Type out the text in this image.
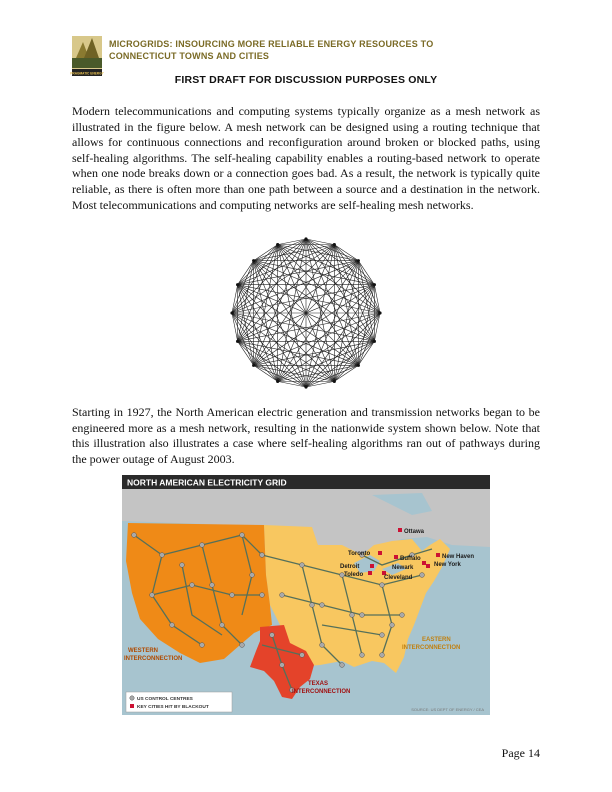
PRAGMATIC ENERGY
MICROGRIDS: INSOURCING MORE RELIABLE ENERGY RESOURCES TO
CONNECTICUT TOWNS AND CITIES
FIRST DRAFT FOR DISCUSSION PURPOSES ONLY

Modern telecommunications and computing systems typically organize as a mesh network as illustrated in the figure below. A mesh network can be designed using a routing technique that allows for continuous connections and reconfiguration around broken or blocked paths, using self-healing algorithms. The self-healing capability enables a routing-based network to operate when one node breaks down or a connection goes bad. As a result, the network is typically quite reliable, as there is often more than one path between a source and a destination in the network. Most telecommunications and computing networks are self-healing mesh networks.

Starting in 1927, the North American electric generation and transmission networks began to be engineered more as a mesh network, resulting in the nationwide system shown below. Note that this illustration also illustrates a case where self-healing algorithms ran out of pathways during the power outage of August 2003.

NORTH AMERICAN ELECTRICITY GRID
Ottawa
Toronto
Buffalo	New Haven
Detroit	Newark	New York
Toledo	Cleveland
WESTERN
INTERCONNECTION
TEXAS
INTERCONNECTION
EASTERN
INTERCONNECTION
US CONTROL CENTRES
KEY CITIES HIT BY BLACKOUT	SOURCE: US DEPT OF ENERGY / CEA
Page 14
